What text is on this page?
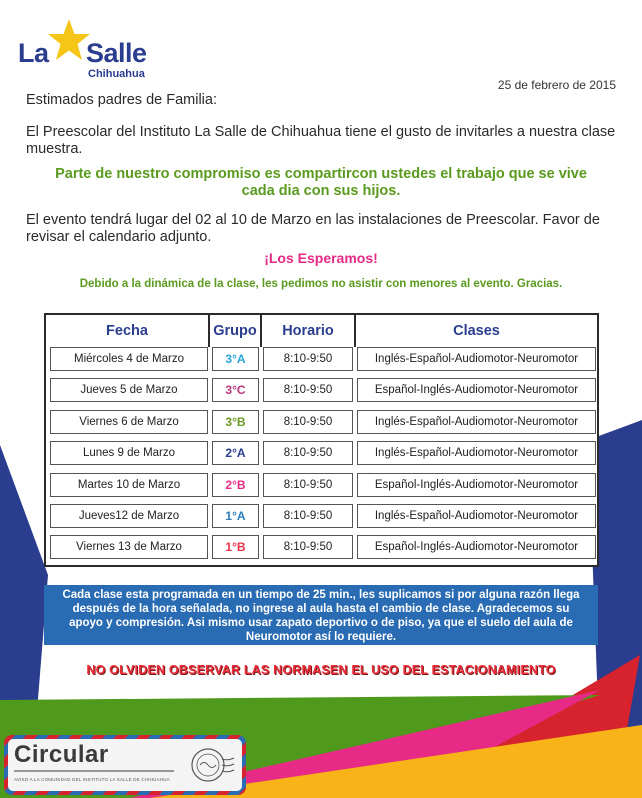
La Salle
Chihuahua
25 de febrero de 2015
Estimados padres de Familia:
El Preescolar del Instituto La Salle de Chihuahua tiene el gusto de invitarles a nuestra clase muestra.
Parte de nuestro compromiso es compartircon ustedes el trabajo que se vive cada dia con sus hijos.
El evento tendrá lugar del 02 al 10 de Marzo en las instalaciones de Preescolar. Favor de revisar el calendario adjunto.
¡Los Esperamos!
Debido a la dinámica de la clase, les pedimos no asistir con menores al evento. Gracias.
Fecha	Grupo	Horario	Clases
Miércoles 4 de Marzo	3°A	8:10-9:50	Inglés-Español-Audiomotor-Neuromotor
Jueves 5 de Marzo	3°C	8:10-9:50	Español-Inglés-Audiomotor-Neuromotor
Viernes 6 de Marzo	3°B	8:10-9:50	Inglés-Español-Audiomotor-Neuromotor
Lunes 9 de Marzo	2°A	8:10-9:50	Inglés-Español-Audiomotor-Neuromotor
Martes 10 de Marzo	2°B	8:10-9:50	Español-Inglés-Audiomotor-Neuromotor
Jueves12 de Marzo	1°A	8:10-9:50	Inglés-Español-Audiomotor-Neuromotor
Viernes 13 de Marzo	1°B	8:10-9:50	Español-Inglés-Audiomotor-Neuromotor
Cada clase esta programada en un tiempo de 25 min., les suplicamos si por alguna razón llega después de la hora señalada, no ingrese al aula hasta el cambio de clase. Agradecemos su apoyo y compresión. Asi mismo usar zapato deportivo o de piso, ya que el suelo del aula de Neuromotor así lo requiere.
NO OLVIDEN OBSERVAR LAS NORMASEN EL USO DEL ESTACIONAMIENTO
Circular
AVISO A LA COMUNIDAD DEL INSTITUTO LA SALLE DE CHIHUAHUA
